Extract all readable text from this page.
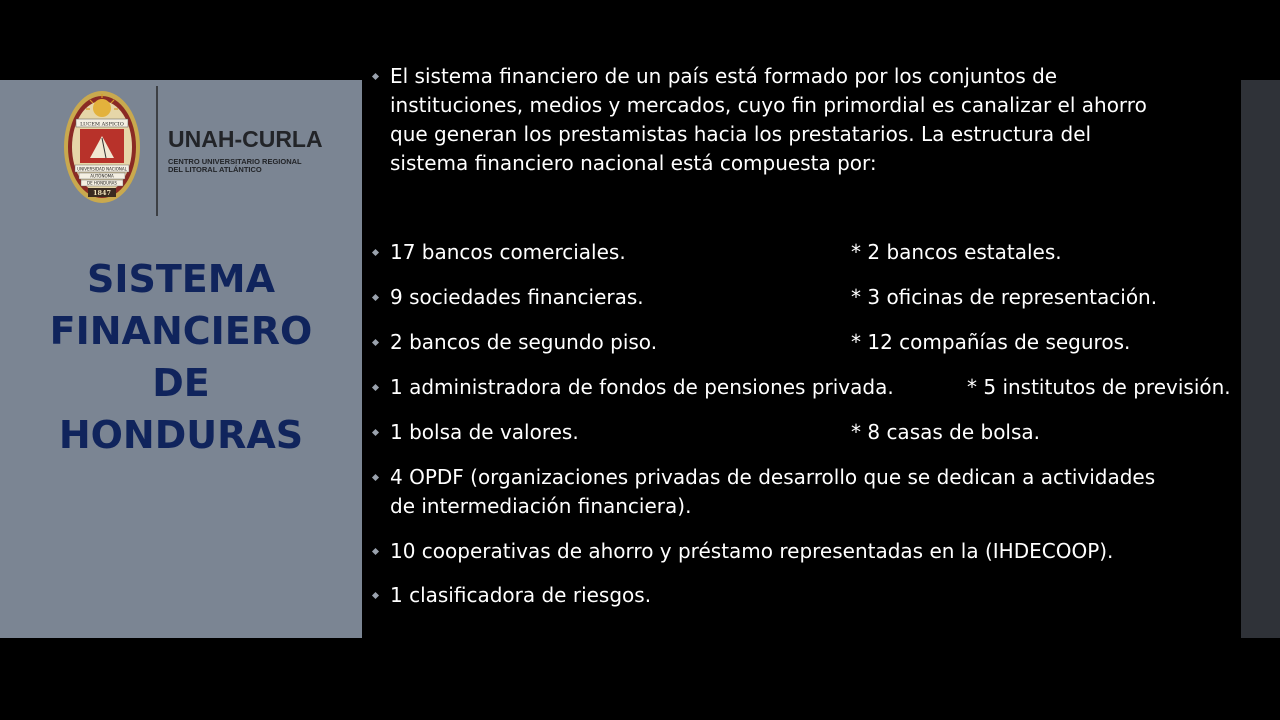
LUCEM ASPICIO
UNIVERSIDAD NACIONAL
AUTÓNOMA
DE HONDURAS
1847
UNAH-CURLA
CENTRO UNIVERSITARIO REGIONAL
DEL LITORAL ATLÁNTICO
SISTEMA
FINANCIERO
DE
HONDURAS
El sistema financiero de un país está formado por los conjuntos de
instituciones, medios y mercados, cuyo fin primordial es canalizar el ahorro
que generan los prestamistas hacia los prestatarios. La estructura del
sistema financiero nacional está compuesta por:
17 bancos comerciales.	* 2 bancos estatales.
9 sociedades financieras.	* 3 oficinas de representación.
2 bancos de segundo piso.	* 12 compañías de seguros.
1 administradora de fondos de pensiones privada.	* 5 institutos de previsión.
1 bolsa de valores.	* 8 casas de bolsa.
4 OPDF (organizaciones privadas de desarrollo que se dedican a actividades
de intermediación financiera).
10 cooperativas de ahorro y préstamo representadas en la (IHDECOOP).
1 clasificadora de riesgos.
